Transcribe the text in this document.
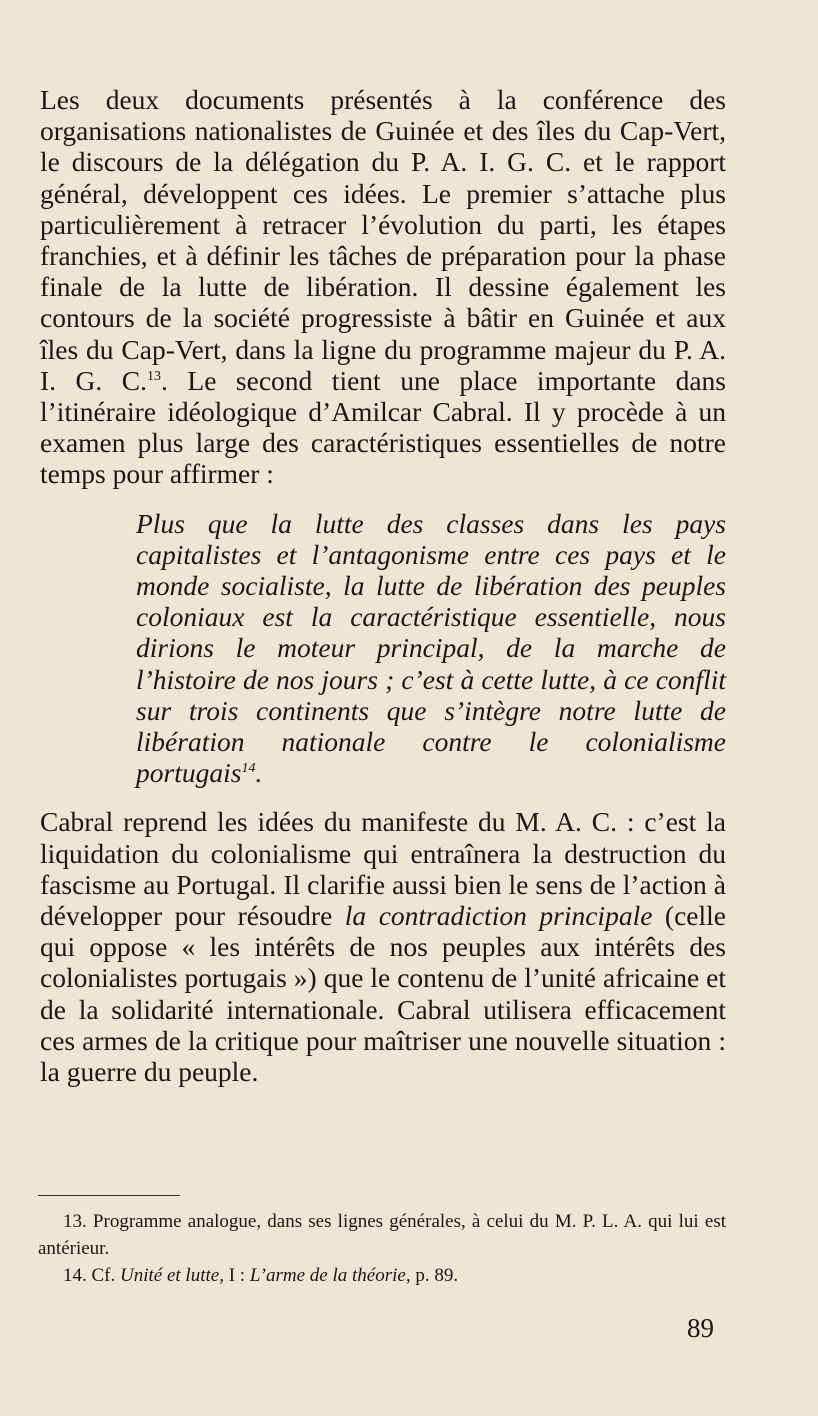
Les deux documents présentés à la conférence des organisations nationalistes de Guinée et des îles du Cap-Vert, le discours de la délégation du P. A. I. G. C. et le rapport général, développent ces idées. Le premier s’attache plus particulièrement à retracer l’évolution du parti, les étapes franchies, et à définir les tâches de préparation pour la phase finale de la lutte de libération. Il dessine également les contours de la société progressiste à bâtir en Guinée et aux îles du Cap-Vert, dans la ligne du programme majeur du P. A. I. G. C.$^{13}$. Le second tient une place importante dans l’itinéraire idéologique d’Amilcar Cabral. Il y procède à un examen plus large des caractéristiques essentielles de notre temps pour affirmer :

Plus que la lutte des classes dans les pays capitalistes et l’antagonisme entre ces pays et le monde socialiste, la lutte de libération des peuples coloniaux est la caractéristique essentielle, nous dirions le moteur principal, de la marche de l’histoire de nos jours ; c’est à cette lutte, à ce conflit sur trois continents que s’intègre notre lutte de libération nationale contre le colonialisme portugais$^{14}$.

Cabral reprend les idées du manifeste du M. A. C. : c’est la liquidation du colonialisme qui entraînera la destruction du fascisme au Portugal. Il clarifie aussi bien le sens de l’action à développer pour résoudre la contradiction principale (celle qui oppose « les intérêts de nos peuples aux intérêts des colonialistes portugais ») que le contenu de l’unité africaine et de la solidarité internationale. Cabral utilisera efficacement ces armes de la critique pour maîtriser une nouvelle situation : la guerre du peuple.

13. Programme analogue, dans ses lignes générales, à celui du M. P. L. A. qui lui est antérieur.

14. Cf. Unité et lutte, I : L’arme de la théorie, p. 89.

89
